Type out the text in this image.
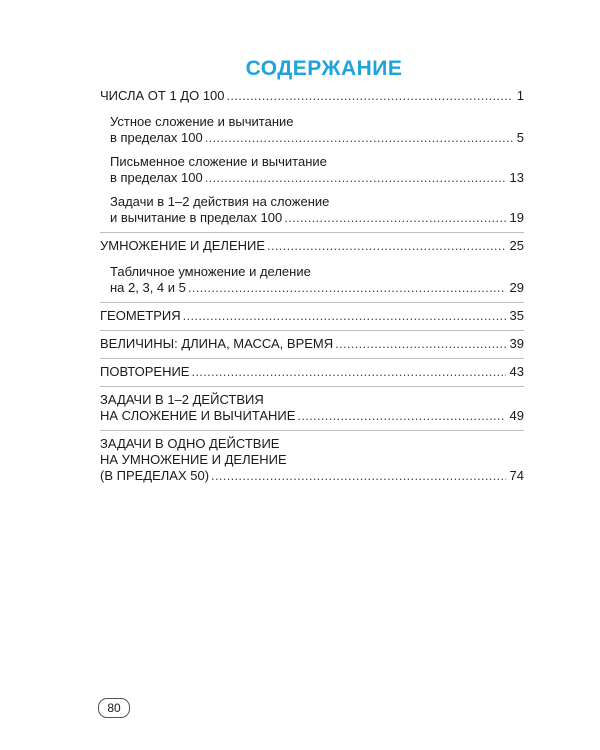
СОДЕРЖАНИЕ
ЧИСЛА ОТ 1 ДО 100 .....	1
Устное сложение и вычитание
в пределах 100 .....	5
Письменное сложение и вычитание
в пределах 100 .....	13
Задачи в 1–2 действия на сложение
и вычитание в пределах 100 .....	19
УМНОЖЕНИЕ И ДЕЛЕНИЕ .....	25
Табличное умножение и деление
на 2, 3, 4 и 5 .....	29
ГЕОМЕТРИЯ .....	35
ВЕЛИЧИНЫ: ДЛИНА, МАССА, ВРЕМЯ .....	39
ПОВТОРЕНИЕ .....	43
ЗАДАЧИ В 1–2 ДЕЙСТВИЯ
НА СЛОЖЕНИЕ И ВЫЧИТАНИЕ .....	49
ЗАДАЧИ В ОДНО ДЕЙСТВИЕ
НА УМНОЖЕНИЕ И ДЕЛЕНИЕ
(В ПРЕДЕЛАХ 50) .....	74
80
